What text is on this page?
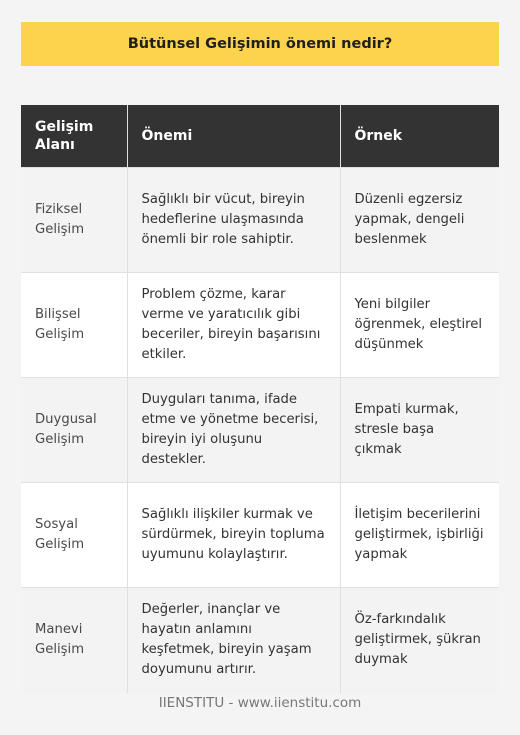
Bütünsel Gelişimin önemi nedir?
Gelişim Alanı	Önemi	Örnek
Fiziksel Gelişim	Sağlıklı bir vücut, bireyin hedeflerine ulaşmasında önemli bir role sahiptir.	Düzenli egzersiz yapmak, dengeli beslenmek
Bilişsel Gelişim	Problem çözme, karar verme ve yaratıcılık gibi beceriler, bireyin başarısını etkiler.	Yeni bilgiler öğrenmek, eleştirel düşünmek
Duygusal Gelişim	Duyguları tanıma, ifade etme ve yönetme becerisi, bireyin iyi oluşunu destekler.	Empati kurmak, stresle başa çıkmak
Sosyal Gelişim	Sağlıklı ilişkiler kurmak ve sürdürmek, bireyin topluma uyumunu kolaylaştırır.	İletişim becerilerini geliştirmek, işbirliği yapmak
Manevi Gelişim	Değerler, inançlar ve hayatın anlamını keşfetmek, bireyin yaşam doyumunu artırır.	Öz-farkındalık geliştirmek, şükran duymak
IIENSTITU - www.iienstitu.com
